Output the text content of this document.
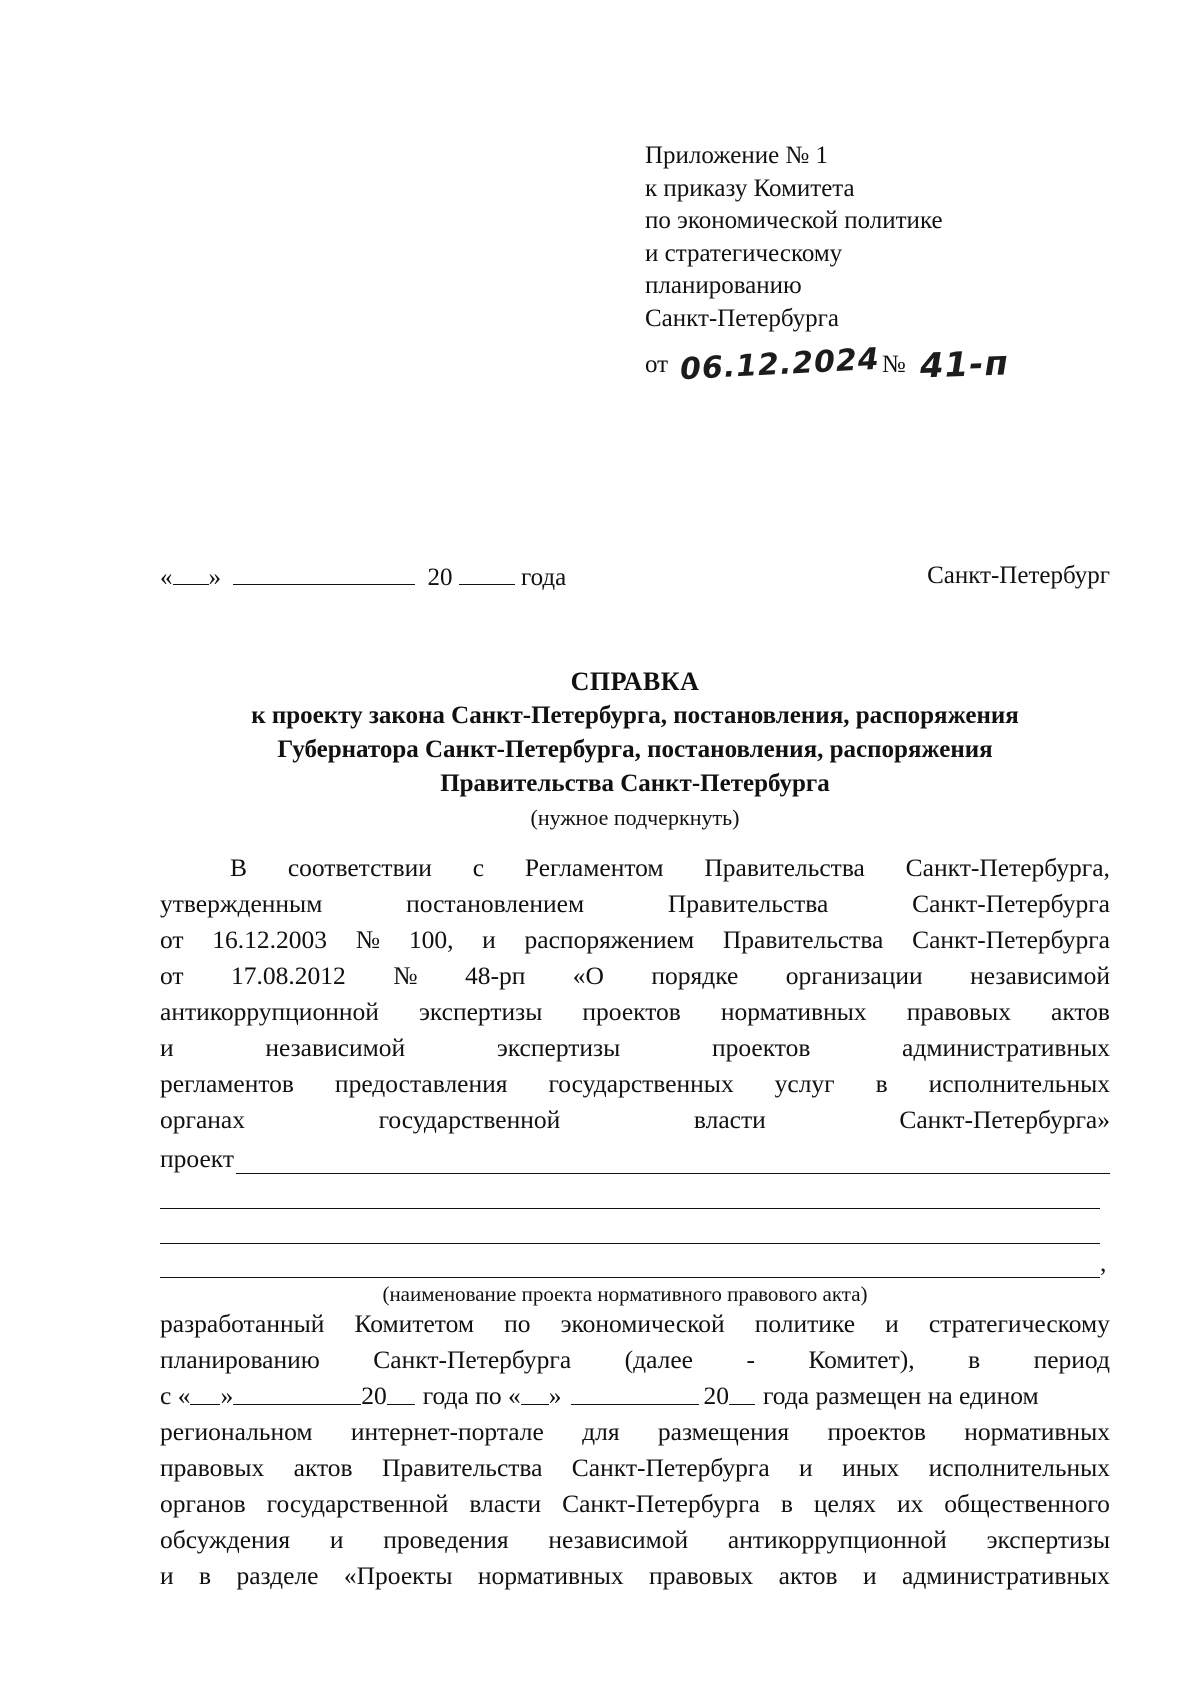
Приложение № 1
к приказу Комитета
по экономической политике
и стратегическому
планированию
Санкт-Петербурга
от 06.12.2024 № 41-п
« »	20	года	Санкт-Петербург
СПРАВКА
к проекту закона Санкт-Петербурга, постановления, распоряжения
Губернатора Санкт-Петербурга, постановления, распоряжения
Правительства Санкт-Петербурга
(нужное подчеркнуть)
В соответствии с Регламентом Правительства Санкт-Петербурга,
утвержденным	постановлением	Правительства	Санкт-Петербурга
от 16.12.2003 № 100, и распоряжением Правительства Санкт-Петербурга
от 17.08.2012 № 48-рп «О порядке организации независимой
антикоррупционной экспертизы проектов нормативных правовых актов
и	независимой	экспертизы	проектов	административных
регламентов предоставления государственных услуг в исполнительных
органах	государственной	власти	Санкт-Петербурга»
проект
,
(наименование проекта нормативного правового акта)
разработанный Комитетом по экономической политике и стратегическому
планированию Санкт-Петербурга (далее - Комитет), в период
с « »	20 года по « »	20 года размещен на едином
региональном интернет-портале для размещения проектов нормативных
правовых актов Правительства Санкт-Петербурга и иных исполнительных
органов государственной власти Санкт-Петербурга в целях их общественного
обсуждения и проведения независимой антикоррупционной экспертизы
и в разделе «Проекты нормативных правовых актов и административных
